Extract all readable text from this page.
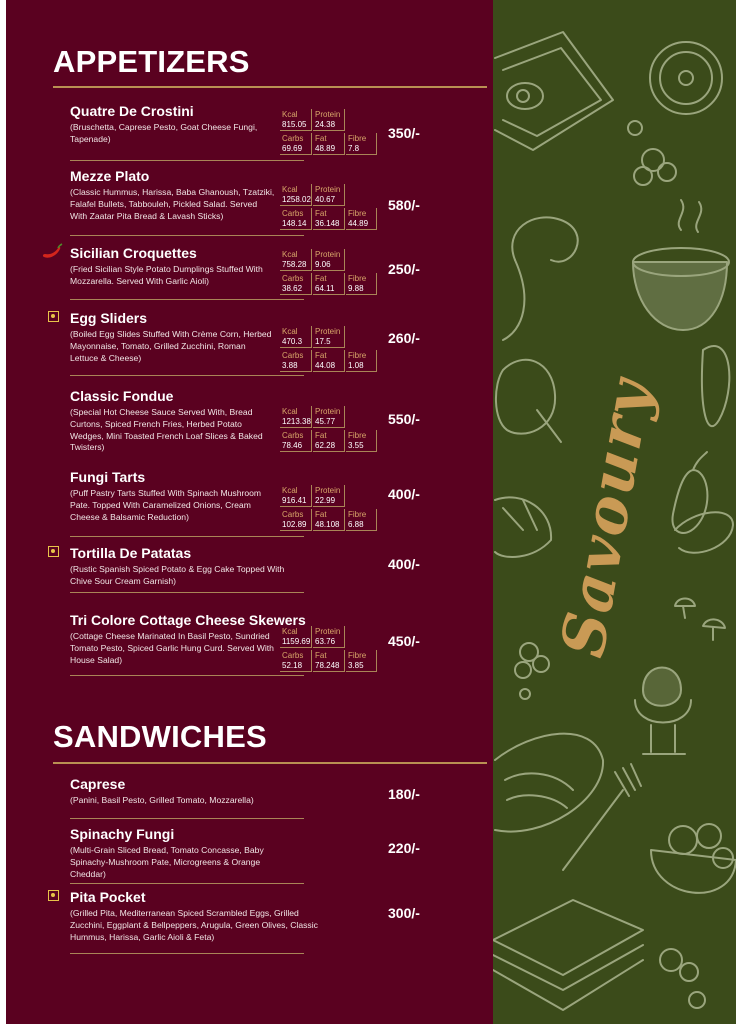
APPETIZERS
Quatre De Crostini
(Bruschetta, Caprese Pesto, Goat Cheese Fungi, Tapenade)
Kcal
815.05
Protein
24.38
Carbs
69.69
Fat
48.89
Fibre
7.8
350/-
Mezze Plato
(Classic Hummus, Harissa, Baba Ghanoush, Tzatziki, Falafel Bullets, Tabbouleh, Pickled Salad. Served With Zaatar Pita Bread & Lavash Sticks)
Kcal
1258.02
Protein
40.67
Carbs
148.14
Fat
36.148
Fibre
44.89
580/-
Sicilian Croquettes
(Fried Sicilian Style Potato Dumplings Stuffed With Mozzarella. Served With Garlic Aioli)
Kcal
758.28
Protein
9.06
Carbs
38.62
Fat
64.11
Fibre
9.88
250/-
Egg Sliders
(Boiled Egg Slides Stuffed With Crème Corn, Herbed Mayonnaise, Tomato, Grilled Zucchini, Roman Lettuce & Cheese)
Kcal
470.3
Protein
17.5
Carbs
3.88
Fat
44.08
Fibre
1.08
260/-
Classic Fondue
(Special Hot Cheese Sauce Served With, Bread Curtons, Spiced French Fries, Herbed Potato Wedges, Mini Toasted French Loaf Slices & Baked Twisters)
Kcal
1213.38
Protein
45.77
Carbs
78.46
Fat
62.28
Fibre
3.55
550/-
Fungi Tarts
(Puff Pastry Tarts Stuffed With Spinach Mushroom Pate. Topped With Caramelized Onions, Cream Cheese & Balsamic Reduction)
Kcal
916.41
Protein
22.99
Carbs
102.89
Fat
48.108
Fibre
6.88
400/-
Tortilla De Patatas
(Rustic Spanish Spiced Potato & Egg Cake Topped With Chive Sour Cream Garnish)
400/-
Tri Colore Cottage Cheese Skewers
(Cottage Cheese Marinated In Basil Pesto, Sundried Tomato Pesto, Spiced Garlic Hung Curd. Served With House Salad)
Kcal
1159.69
Protein
63.76
Carbs
52.18
Fat
78.248
Fibre
3.85
450/-
SANDWICHES
Caprese
(Panini, Basil Pesto, Grilled Tomato, Mozzarella)	180/-
Spinachy Fungi
(Multi-Grain Sliced Bread, Tomato Concasse, Baby Spinachy-Mushroom Pate, Microgreens & Orange Cheddar)
220/-
Pita Pocket
(Grilled Pita, Mediterranean Spiced Scrambled Eggs, Grilled Zucchini, Eggplant & Bellpeppers, Arugula, Green Olives, Classic Hummus, Harissa, Garlic Aioli & Feta)
300/-
Savoury
